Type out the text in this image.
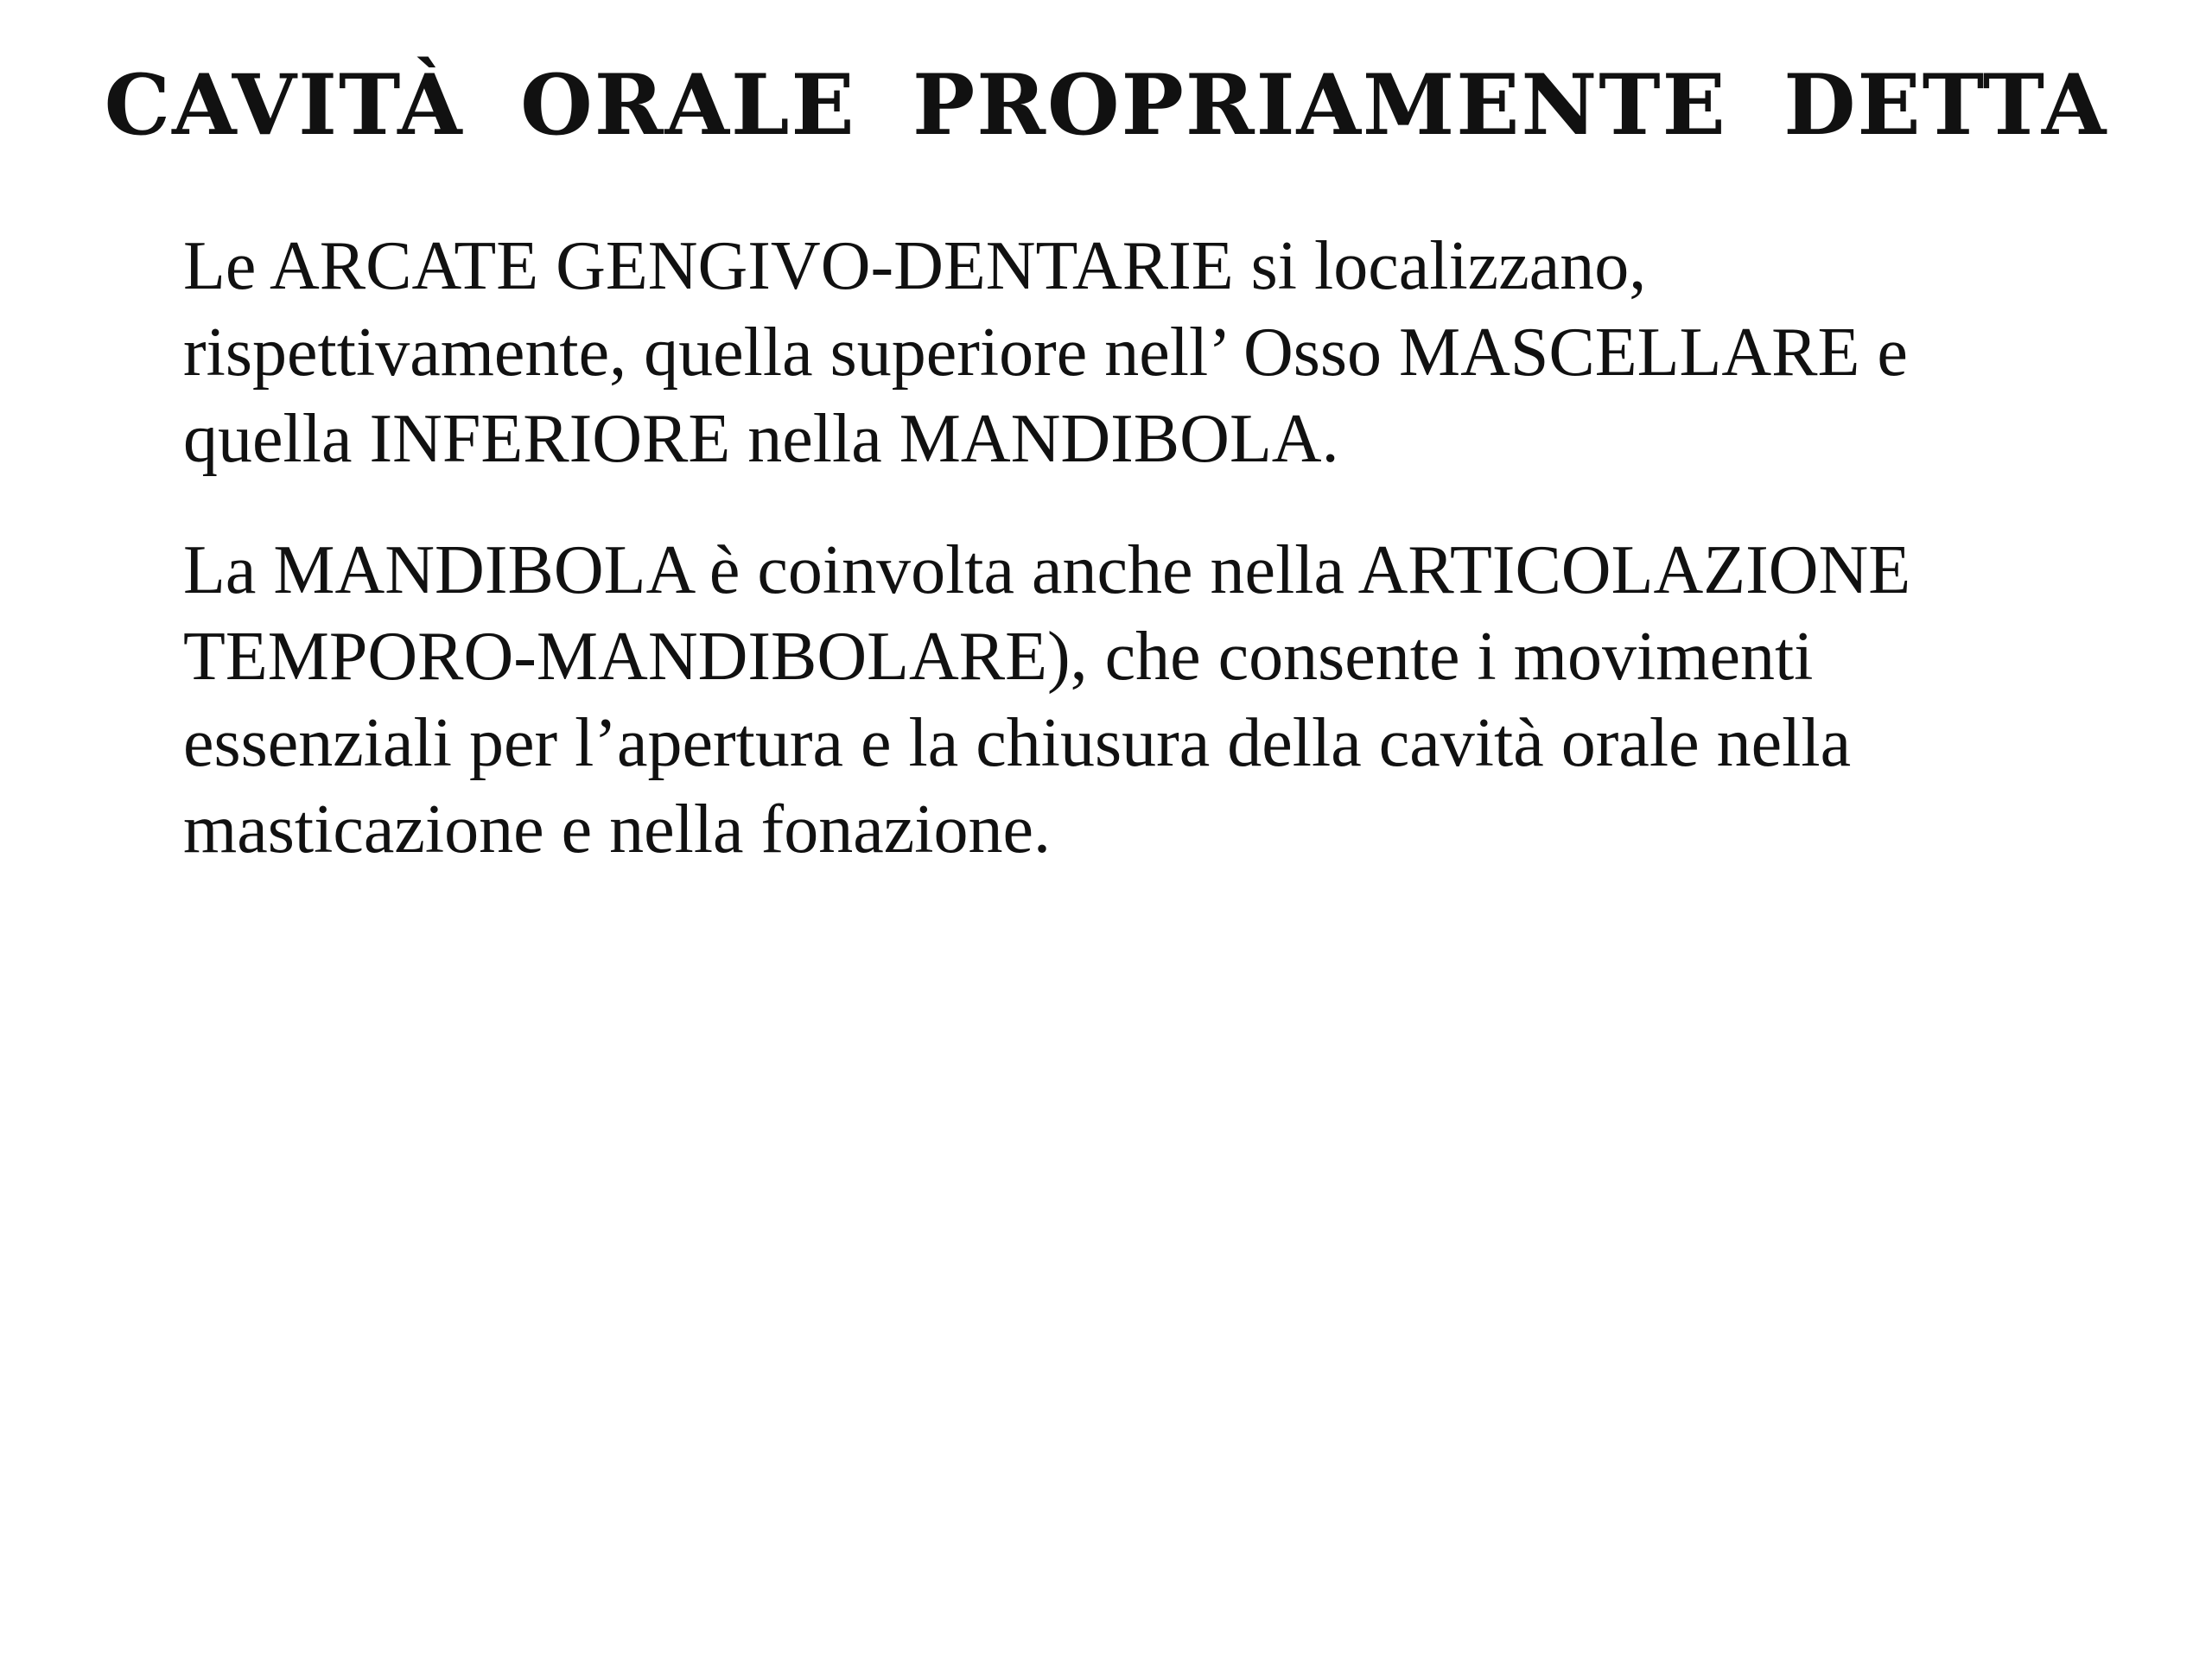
CAVITÀ ORALE PROPRIAMENTE DETTA

Le ARCATE GENGIVO-DENTARIE si localizzano,
rispettivamente, quella superiore nell’ Osso MASCELLARE e
quella INFERIORE nella MANDIBOLA.

La MANDIBOLA è coinvolta anche nella ARTICOLAZIONE
TEMPORO-MANDIBOLARE), che consente i movimenti
essenziali per l’apertura e la chiusura della cavità orale nella
masticazione e nella fonazione.
